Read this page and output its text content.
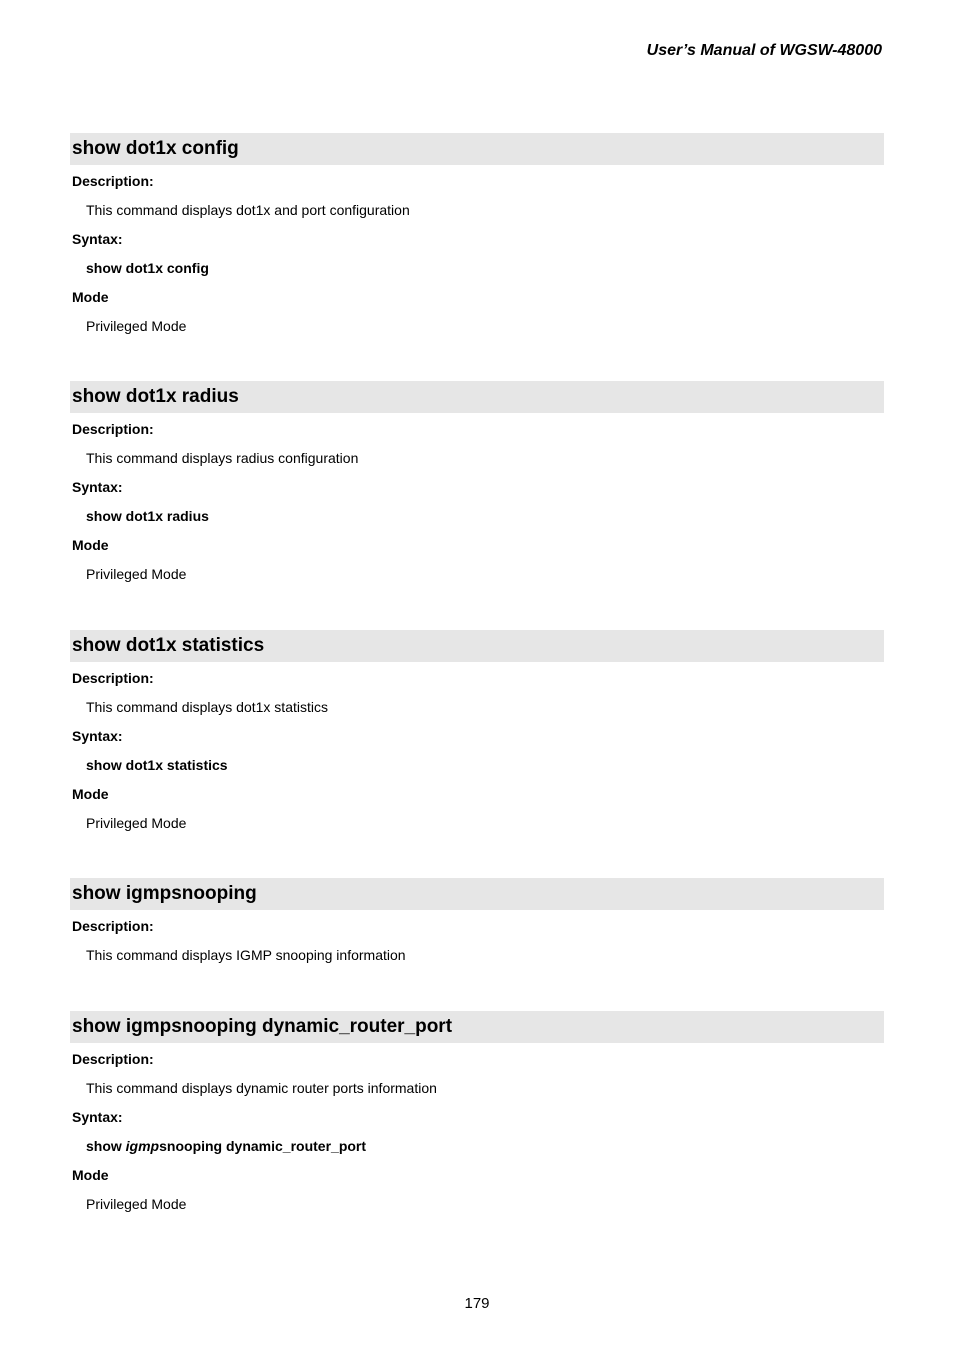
User’s Manual of WGSW-48000
show dot1x config
Description:
This command displays dot1x and port configuration
Syntax:
show dot1x config
Mode
Privileged Mode
show dot1x radius
Description:
This command displays radius configuration
Syntax:
show dot1x radius
Mode
Privileged Mode
show dot1x statistics
Description:
This command displays dot1x statistics
Syntax:
show dot1x statistics
Mode
Privileged Mode
show igmpsnooping
Description:
This command displays IGMP snooping information
show igmpsnooping dynamic_router_port
Description:
This command displays dynamic router ports information
Syntax:
show igmpsnooping dynamic_router_port
Mode
Privileged Mode
179
